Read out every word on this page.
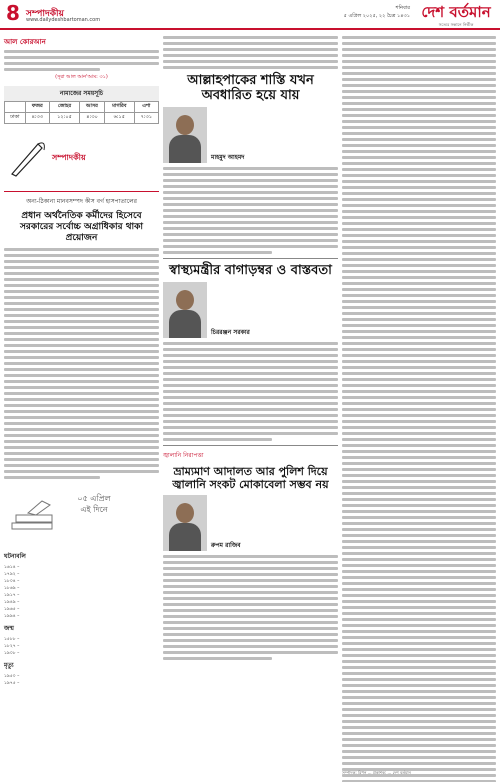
8 সম্পাদকীয়
www.dailydeshbartoman.com
শনিবার
৫ এপ্রিল ২০২৫, ২২ চৈত্র ১৪৩১ দেশ বর্তমান
সত্যের সন্ধানে নির্ভীক
আল কোরআন
(সূরা আল আন'আম: ৩১)
নামাজের সময়সূচি
	ফজর	জোহর	আসর	মাগরিব	এশা
ঢাকা	৪:৩৩	১২:০৫	৪:৩০	৬:১৫	৭:৩১
সম্পাদকীয়
অন্য-ঠিকানা মানবসম্পদ কীস বর্গ হাসপাতালের
প্রধান অর্থনৈতিক কর্মীদের হিসেবে সরকারের সর্বোচ্চ অগ্রাধিকার থাকা প্রয়োজন
০৫ এপ্রিল
এই দিনে
ঘটনাবলি
১৬১৪ –
১৭৯২ –
১৮০৪ –
১৮৬৯ –
১৯১৭ –
১৯৪৯ –
১৯৬৫ –
১৯৯৪ –
জন্ম
১৫৮৮ –
১৮২৭ –
১৯০৮ –
মৃত্যু
১৯৫০ –
১৯৭৫ –
আল্লাহপাকের শাস্তি যখন অবধারিত হয়ে যায়
মাহমুদ আহমদ
স্বাস্থ্যমন্ত্রীর বাগাড়ম্বর ও বাস্তবতা
চিররঞ্জন সরকার
জ্বালানি নিরাপত্তা
ভ্রাম্যমাণ আদালত আর পুলিশ দিয়ে জ্বালানি সংকট মোকাবেলা সম্ভব নয়
রুপম রাজিব
সম্পাদক: রিপন ... প্রকাশক: ... দেশ বর্তমান
